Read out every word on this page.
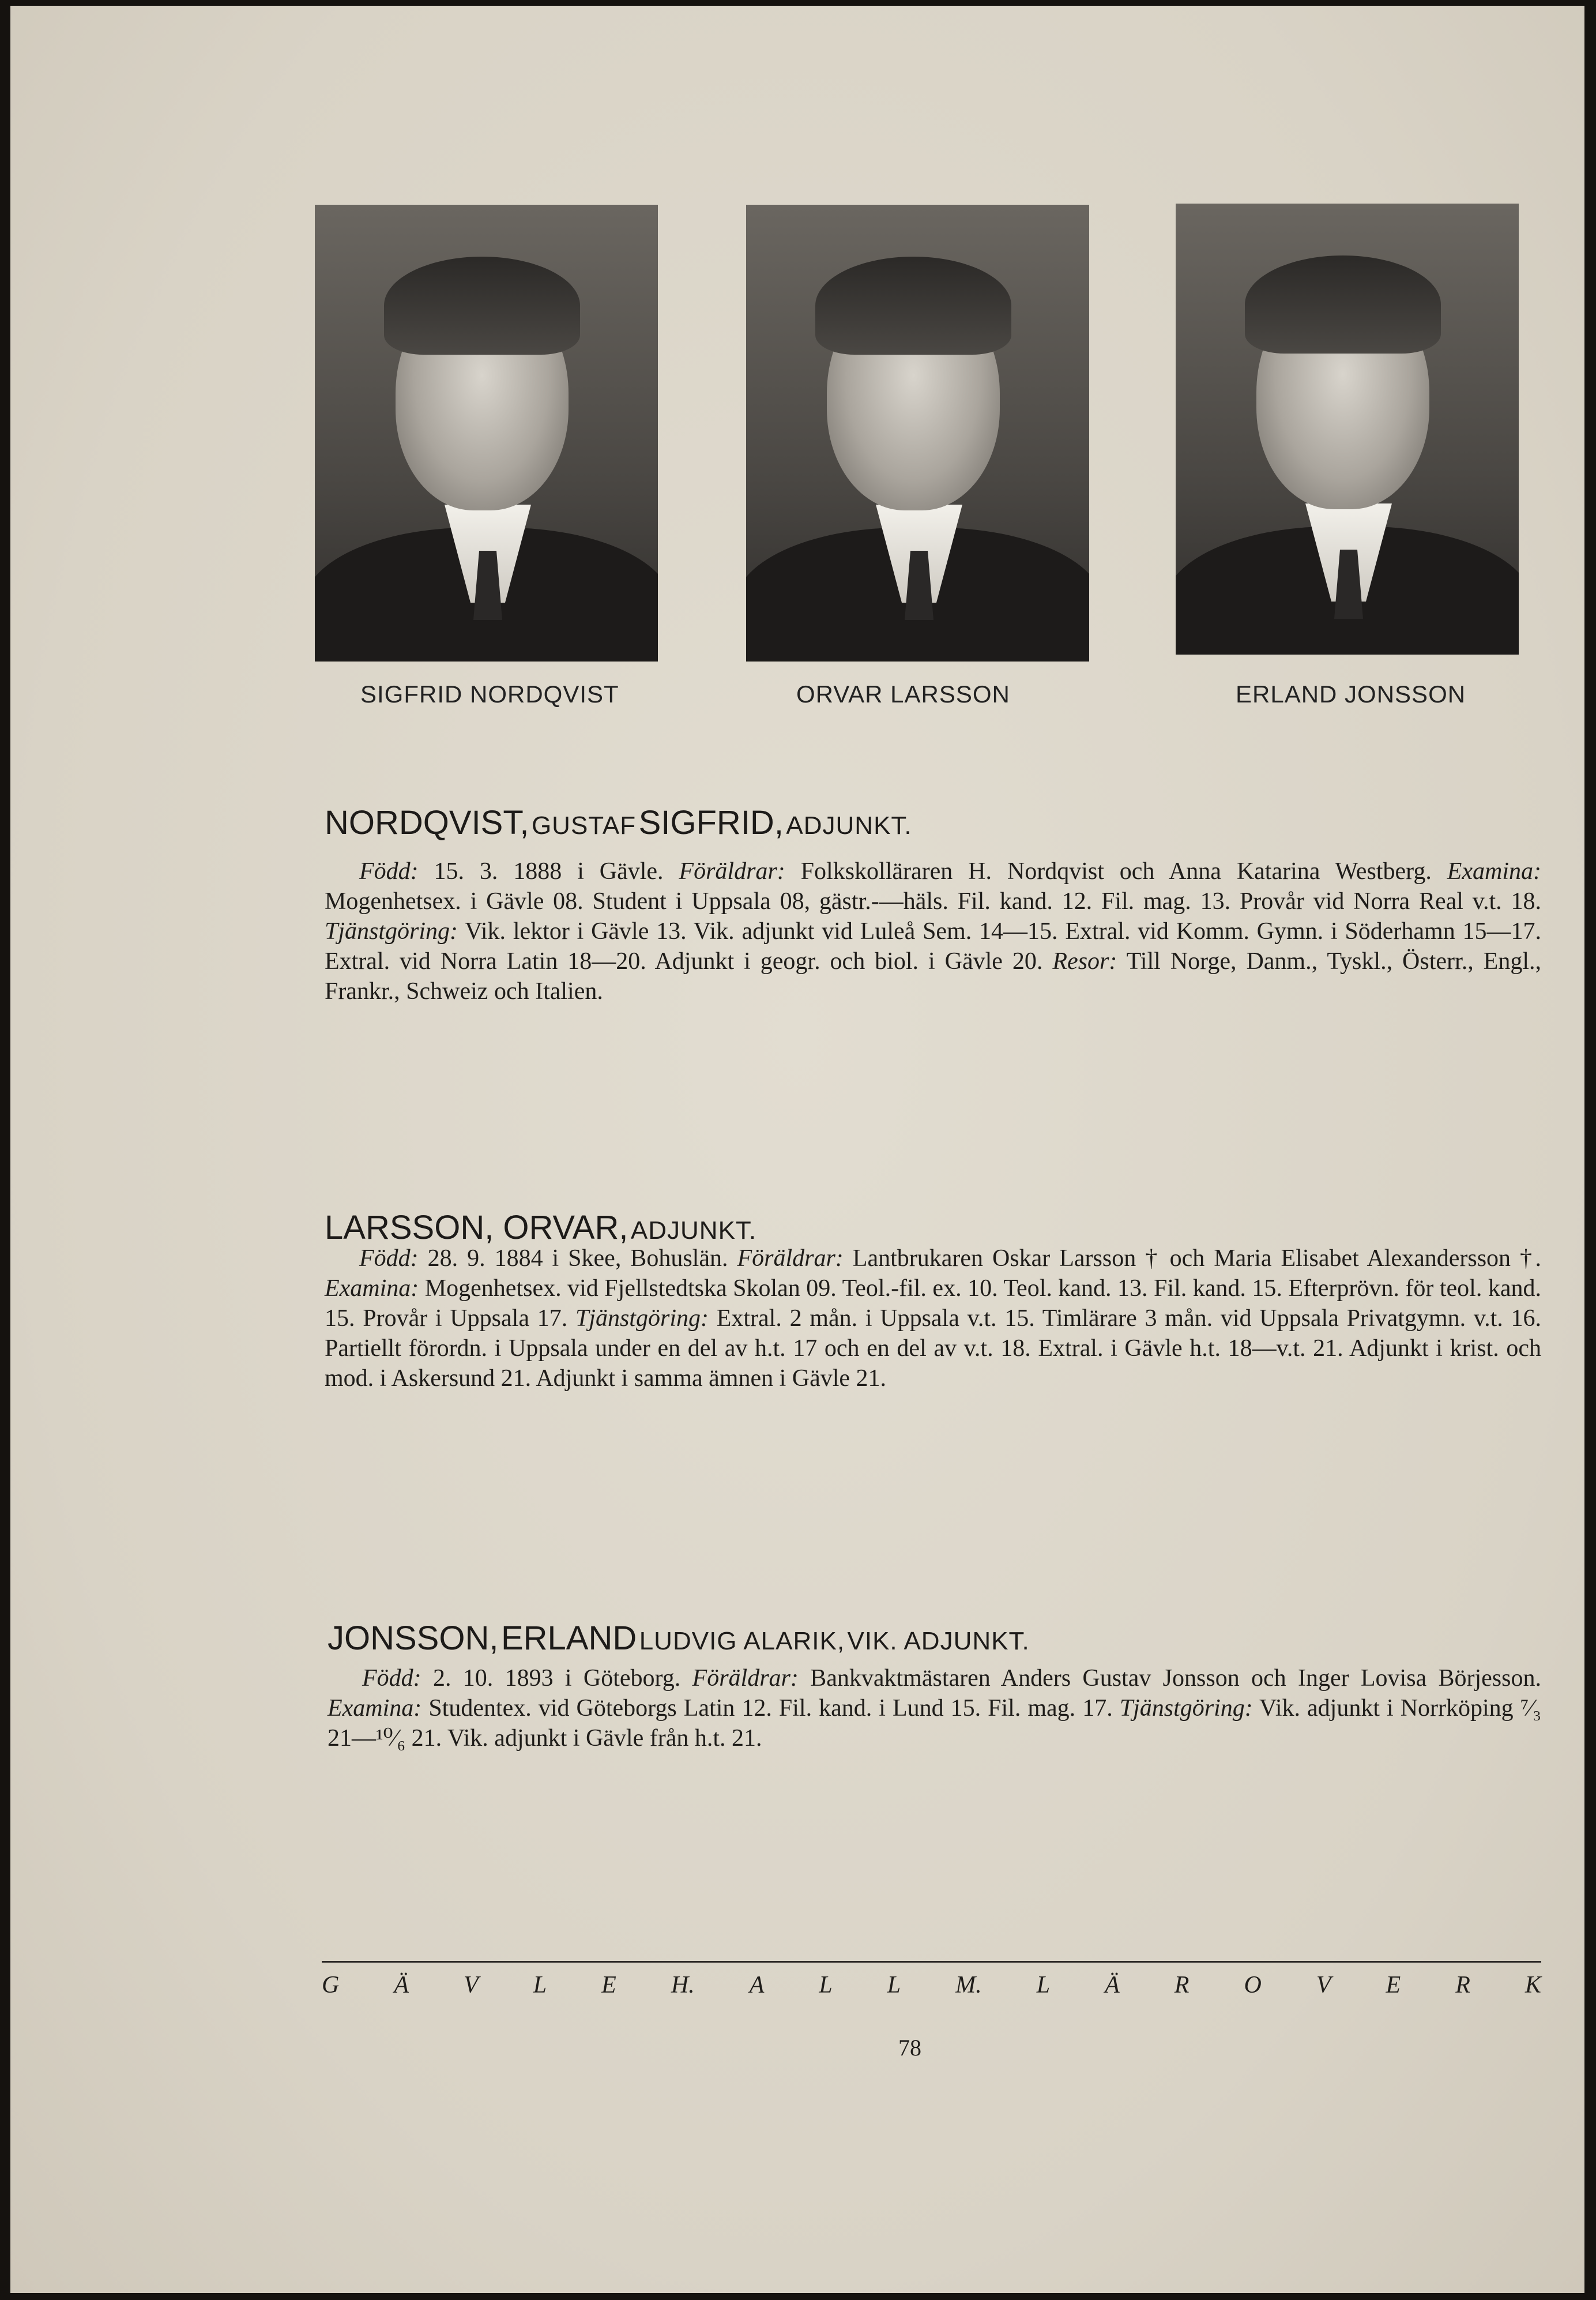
SIGFRID NORDQVIST	ORVAR LARSSON	ERLAND JONSSON
NORDQVIST, GUSTAF SIGFRID, ADJUNKT.
Född: 15. 3. 1888 i Gävle. Föräldrar: Folkskolläraren H. Nordqvist och Anna Katarina Westberg. Examina: Mogenhetsex. i Gävle 08. Student i Uppsala 08, gästr.-—häls. Fil. kand. 12. Fil. mag. 13. Provår vid Norra Real v.t. 18. Tjänstgöring: Vik. lektor i Gävle 13. Vik. adjunkt vid Luleå Sem. 14—15. Extral. vid Komm. Gymn. i Söderhamn 15—17. Extral. vid Norra Latin 18—20. Adjunkt i geogr. och biol. i Gävle 20. Resor: Till Norge, Danm., Tyskl., Österr., Engl., Frankr., Schweiz och Italien.
LARSSON, ORVAR, ADJUNKT.
Född: 28. 9. 1884 i Skee, Bohuslän. Föräldrar: Lantbrukaren Oskar Larsson † och Maria Elisabet Alexandersson †. Examina: Mogenhetsex. vid Fjellstedtska Skolan 09. Teol.-fil. ex. 10. Teol. kand. 13. Fil. kand. 15. Efterprövn. för teol. kand. 15. Provår i Uppsala 17. Tjänstgöring: Extral. 2 mån. i Uppsala v.t. 15. Timlärare 3 mån. vid Uppsala Privatgymn. v.t. 16. Partiellt förordn. i Uppsala under en del av h.t. 17 och en del av v.t. 18. Extral. i Gävle h.t. 18—v.t. 21. Adjunkt i krist. och mod. i Askersund 21. Adjunkt i samma ämnen i Gävle 21.
JONSSON, ERLAND LUDVIG ALARIK, VIK. ADJUNKT.
Född: 2. 10. 1893 i Göteborg. Föräldrar: Bankvaktmästaren Anders Gustav Jonsson och Inger Lovisa Börjesson. Examina: Studentex. vid Göteborgs Latin 12. Fil. kand. i Lund 15. Fil. mag. 17. Tjänstgöring: Vik. adjunkt i Norrköping ⁷⁄₃ 21—¹⁰⁄₆ 21. Vik. adjunkt i Gävle från h.t. 21.
G Ä V L E H. A L L M. L Ä R O V E R K
78
